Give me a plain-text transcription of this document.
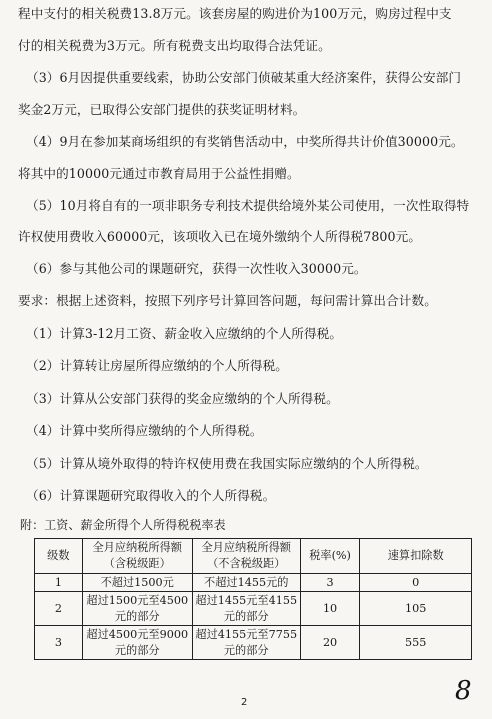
程中支付的相关税费13.8万元。该套房屋的购进价为100万元，购房过程中支
付的相关税费为3万元。所有税费支出均取得合法凭证。
（3）6月因提供重要线索，协助公安部门侦破某重大经济案件，获得公安部门
奖金2万元，已取得公安部门提供的获奖证明材料。
（4）9月在参加某商场组织的有奖销售活动中，中奖所得共计价值30000元。
将其中的10000元通过市教育局用于公益性捐赠。
（5）10月将自有的一项非职务专利技术提供给境外某公司使用，一次性取得特
许权使用费收入60000元，该项收入已在境外缴纳个人所得税7800元。
（6）参与其他公司的课题研究，获得一次性收入30000元。
要求：根据上述资料，按照下列序号计算回答问题，每问需计算出合计数。
（1）计算3-12月工资、薪金收入应缴纳的个人所得税。
（2）计算转让房屋所得应缴纳的个人所得税。
（3）计算从公安部门获得的奖金应缴纳的个人所得税。
（4）计算中奖所得应缴纳的个人所得税。
（5）计算从境外取得的特许权使用费在我国实际应缴纳的个人所得税。
（6）计算课题研究取得收入的个人所得税。
附：工资、薪金所得个人所得税税率表
级数	全月应纳税所得额（含税级距）	全月应纳税所得额（不含税级距）	税率(%)	速算扣除数
1	不超过1500元	不超过1455元的	3	0
2	超过1500元至4500元的部分	超过1455元至4155元的部分	10	105
3	超过4500元至9000元的部分	超过4155元至7755元的部分	20	555
2	8
